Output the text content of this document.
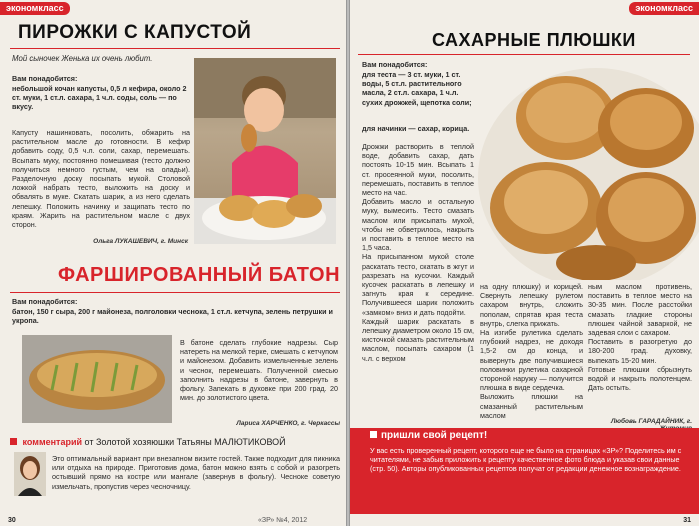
экономкласс
ПИРОЖКИ С КАПУСТОЙ
Мой сыночек Женька их очень любит.
Вам понадобится:
небольшой кочан капусты, 0,5 л кефира, около 2 ст. муки, 1 ст.л. сахара, 1 ч.л. соды, соль — по вкусу.
Капусту нашинковать, посолить, обжарить на растительном масле до готовности. В кефир добавить соду, 0,5 ч.л. соли, сахар, перемешать. Всыпать муку, постоянно помешивая (тесто должно получиться немного густым, чем на оладьи). Разделочную доску посыпать мукой. Столовой ложкой набрать тесто, выложить на доску и обвалять в муке. Скатать шарик, а из него сделать лепешку. Положить начинку и защипать тесто по краям. Жарить на растительном масле с двух сторон.
Ольга ЛУКАШЕВИЧ, г. Минск
ФАРШИРОВАННЫЙ БАТОН
Вам понадобится:
батон, 150 г сыра, 200 г майонеза, полголовки чеснока, 1 ст.л. кетчупа, зелень петрушки и укропа.
В батоне сделать глубокие надрезы. Сыр натереть на мелкой терке, смешать с кетчупом и майонезом. Добавить измельченные зелень и чеснок, перемешать. Полученной смесью заполнить надрезы в батоне, завернуть в фольгу. Запекать в духовке при 200 град. 20 мин. до золотистого цвета.
Лариса ХАРЧЕНКО, г. Черкассы
комментарий от Золотой хозяюшки Татьяны МАЛЮТИКОВОЙ
Это оптимальный вариант при внезапном визите гостей. Также подходит для пикника или отдыха на природе. Приготовив дома, батон можно взять с собой и разогреть остывший прямо на костре или мангале (завернув в фольгу). Чесноке советую измельчать, пропустив через чесночницу.
30	«ЗР» №4, 2012
экономкласс
САХАРНЫЕ ПЛЮШКИ
Вам понадобится:
для теста — 3 ст. муки, 1 ст. воды, 5 ст.л. растительного масла, 2 ст.л. сахара, 1 ч.л. сухих дрожжей, щепотка соли;
для начинки — сахар, корица.
Дрожжи растворить в теплой воде, добавить сахар, дать постоять 10-15 мин. Всыпать 1 ст. просеянной муки, посолить, перемешать, поставить в теплое место на час.
Добавить масло и остальную муку, вымесить. Тесто смазать маслом или присыпать мукой, чтобы не обветрилось, накрыть и поставить в теплое место на 1,5 часа.
На присыпанном мукой столе раскатать тесто, скатать в жгут и разрезать на кусочки. Каждый кусочек раскатать в лепешку и загнуть края к середине. Получившееся шарик положить «замком» вниз и дать подойти.
Каждый шарик раскатать в лепешку диаметром около 15 см, кисточкой смазать растительным маслом, посыпать сахаром (1 ч.л. с верхом
на одну плюшку) и корицей. Свернуть лепешку рулетом сахаром внутрь, сложить пополам, спрятав края теста внутрь, слегка прижать.
На изгибе рулетика сделать глубокий надрез, не доходя 1,5-2 см до конца, и вывернуть две получившиеся половинки рулетика сахарной стороной наружу — получится плюшка в виде сердечка.
Выложить плюшки на смазанный растительным маслом
ным маслом противень, поставить в теплое место на 30-35 мин. После расстойки смазать гладкие стороны плюшек чайной заваркой, не задевая слои с сахаром.
Поставить в разогретую до 180-200 град. духовку, выпекать 15-20 мин.
Готовые плюшки сбрызнуть водой и накрыть полотенцем. Дать остыть.
Любовь ГАРАДАЙНИК, г.
пришли свой рецепт!
У вас есть проверенный рецепт, которого еще не было на страницах «ЗР»? Поделитесь им с читателями, не забыв приложить к рецепту качественное фото блюда и указав свои данные (стр. 50). Авторы опубликованных рецептов получат от редакции денежное вознаграждение.
31
